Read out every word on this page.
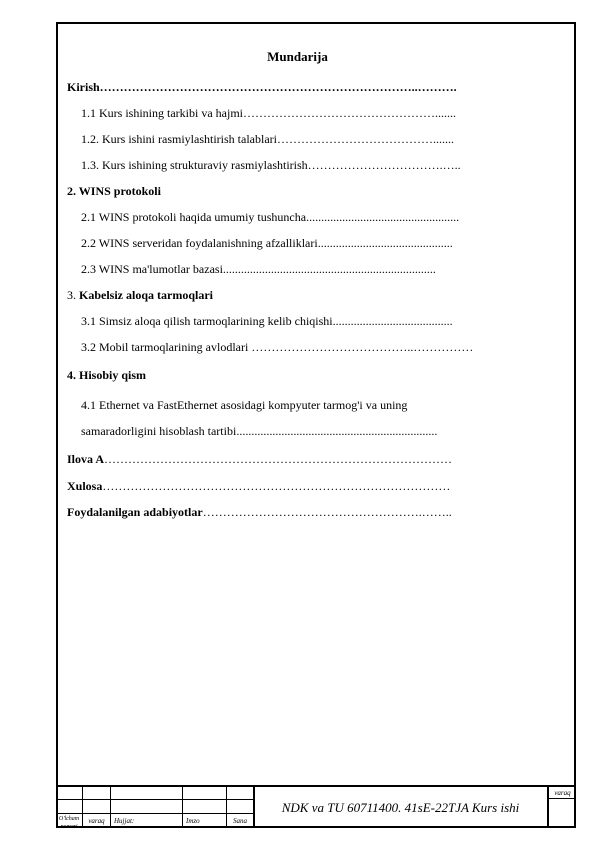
Mundarija
Kirish……………………………………………………………………..……….
1.1 Kurs ishining tarkibi va hajmi………………………………………….......
1.2. Kurs ishini rasmiylashtirish talablari………………………………….......
1.3. Kurs ishining strukturaviy rasmiylashtirish…………………………….…..
2. WINS protokoli
2.1 WINS protokoli haqida umumiy tushuncha...................................................
2.2 WINS serveridan foydalanishning afzalliklari.............................................
2.3 WINS ma'lumotlar bazasi.......................................................................
3. Kabelsiz aloqa tarmoqlari
3.1 Simsiz aloqa qilish tarmoqlarining kelib chiqishi........................................
3.2 Mobil tarmoqlarining avlodlari …………………………………..……………
4. Hisobiy qism
4.1 Ethernet va FastEthernet asosidagi kompyuter tarmog'i va uning
samaradorligini hisoblash tartibi...................................................................
Ilova A……………………………………………………………………………
Xulosa……………………………………………………………………………
Foydalanilgan adabiyotlar……………………………………………….……..
NDK va TU 60711400. 41sE-22TJA Kurs ishi
varaq
O'lcham
nomeri
varaq	Hujjat:	Imzo	Sana
